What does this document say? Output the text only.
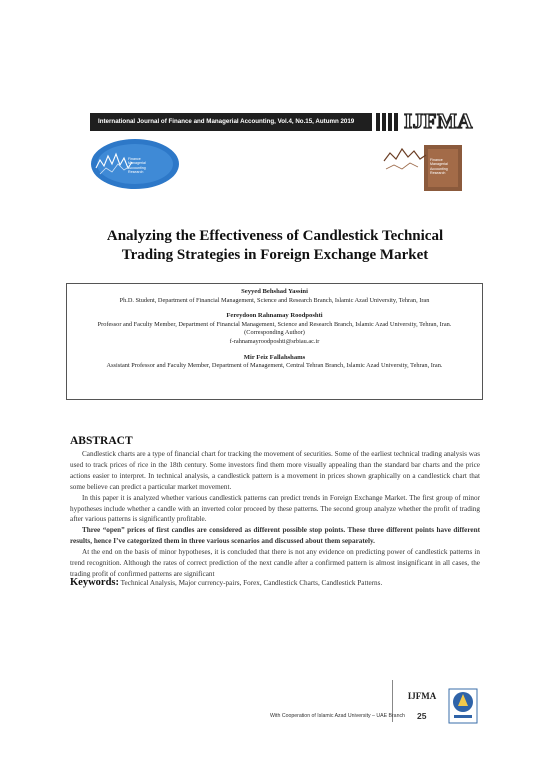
International Journal of Finance and Managerial Accounting, Vol.4, No.15, Autumn 2019	IJFMA
Finance
Managerial
Accounting
Research
Finance
Managerial
Accounting
Research
Analyzing the Effectiveness of Candlestick Technical
Trading Strategies in Foreign Exchange Market
Seyyed Behshad Yassini
Ph.D. Student, Department of Financial Management, Science and Research Branch, Islamic Azad University, Tehran, Iran
Fereydoon Rahnamay Roodposhti
Professor and Faculty Member, Department of Financial Management, Science and Research Branch, Islamic Azad University, Tehran, Iran.
(Corresponding Author)
f-rahnamayroodposhti@srbiau.ac.ir
Mir Feiz Fallahshams
Assistant Professor and Faculty Member, Department of Management, Central Tehran Branch, Islamic Azad University, Tehran, Iran.
ABSTRACT

Candlestick charts are a type of financial chart for tracking the movement of securities. Some of the earliest technical trading analysis was used to track prices of rice in the 18th century. Some investors find them more visually appealing than the standard bar charts and the price actions easier to interpret. In technical analysis, a candlestick pattern is a movement in prices shown graphically on a candlestick chart that some believe can predict a particular market movement.

In this paper it is analyzed whether various candlestick patterns can predict trends in Foreign Exchange Market. The first group of minor hypotheses include whether a candle with an inverted color proceed by these patterns. The second group analyze whether the profit of trading after various patterns is significantly profitable.

Three “open” prices of first candles are considered as different possible stop points. These three different points have different results, hence I’ve categorized them in three various scenarios and discussed about them separately.

At the end on the basis of minor hypotheses, it is concluded that there is not any evidence on predicting power of candlestick patterns in trend recognition. Although the rates of correct prediction of the next candle after a confirmed pattern is almost insignificant in all cases, the trading profit of confirmed patterns are significant

Keywords: Technical Analysis, Major currency-pairs, Forex, Candlestick Charts, Candlestick Patterns.
IJFMA
With Cooperation of Islamic Azad University – UAE Branch 25
